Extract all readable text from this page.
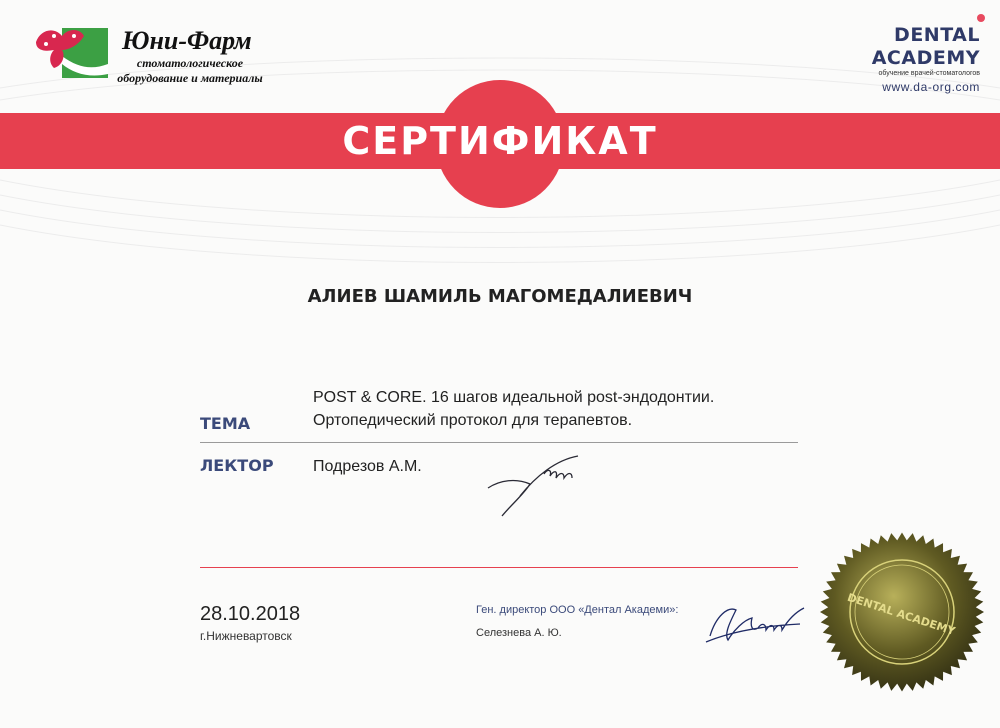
Юни-Фарм
стоматологическое
оборудование и материалы
DENTAL
ACADEMY
обучение врачей-стоматологов
www.da-org.com
СЕРТИФИКАТ
АЛИЕВ ШАМИЛЬ МАГОМЕДАЛИЕВИЧ
ТЕМА
POST & CORE. 16 шагов идеальной post-эндодонтии.
Ортопедический протокол для терапевтов.
ЛЕКТОР Подрезов А.М.
28.10.2018
г.Нижневартовск
Ген. директор ООО «Дентал Академи»:
Селезнева А. Ю.	DENTAL ACADEMY
